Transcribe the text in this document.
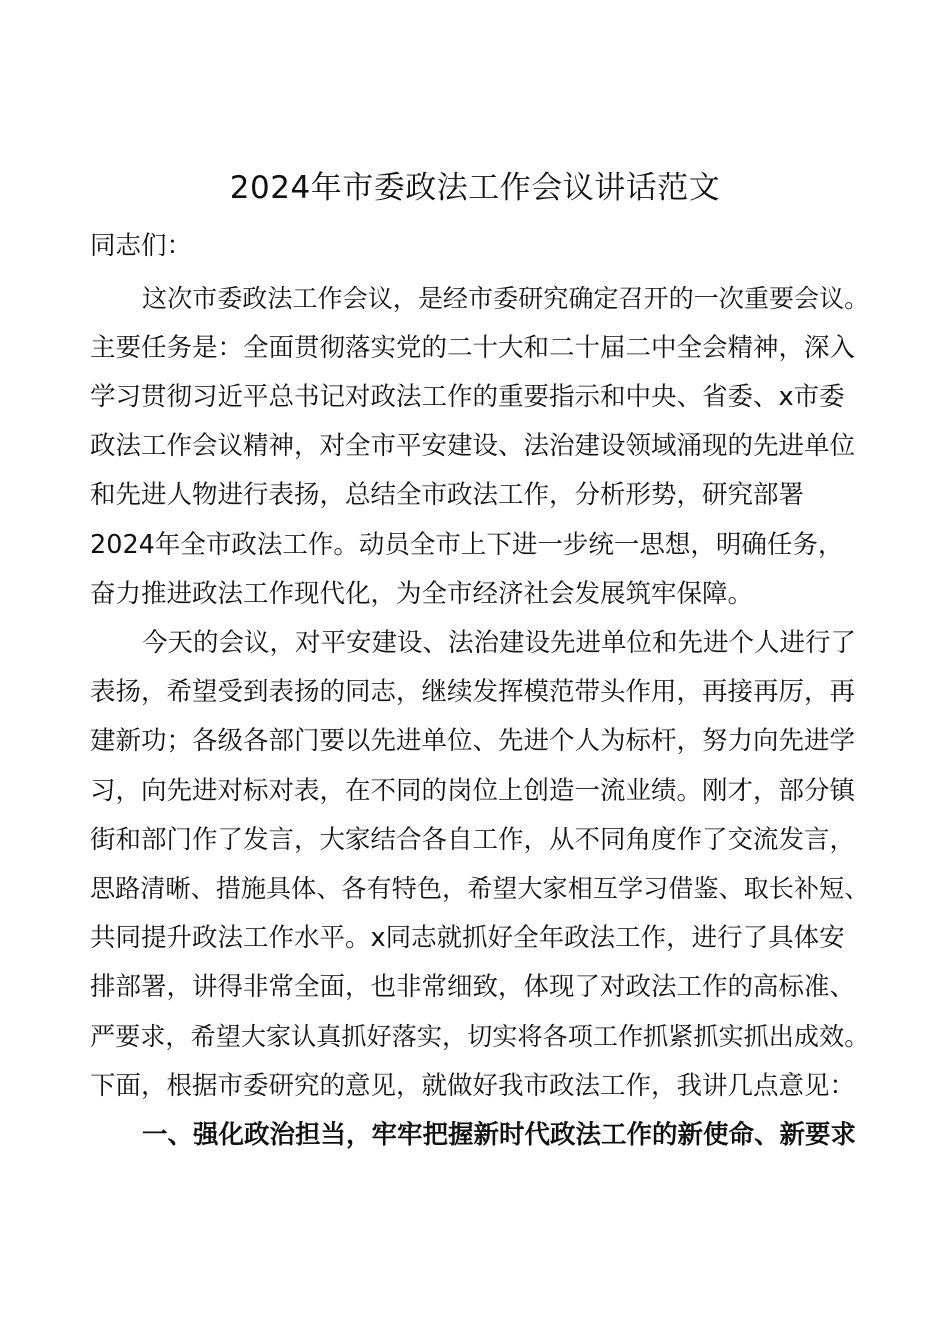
2024年市委政法工作会议讲话范文
同志们：
这次市委政法工作会议，是经市委研究确定召开的一次重要会议。
主要任务是：全面贯彻落实党的二十大和二十届二中全会精神，深入
学习贯彻习近平总书记对政法工作的重要指示和中央、省委、x市委
政法工作会议精神，对全市平安建设、法治建设领域涌现的先进单位
和先进人物进行表扬，总结全市政法工作，分析形势，研究部署
2024年全市政法工作。动员全市上下进一步统一思想，明确任务，
奋力推进政法工作现代化，为全市经济社会发展筑牢保障。
今天的会议，对平安建设、法治建设先进单位和先进个人进行了
表扬，希望受到表扬的同志，继续发挥模范带头作用，再接再厉，再
建新功；各级各部门要以先进单位、先进个人为标杆，努力向先进学
习，向先进对标对表，在不同的岗位上创造一流业绩。刚才，部分镇
街和部门作了发言，大家结合各自工作，从不同角度作了交流发言，
思路清晰、措施具体、各有特色，希望大家相互学习借鉴、取长补短、
共同提升政法工作水平。x同志就抓好全年政法工作，进行了具体安
排部署，讲得非常全面，也非常细致，体现了对政法工作的高标准、
严要求，希望大家认真抓好落实，切实将各项工作抓紧抓实抓出成效。
下面，根据市委研究的意见，就做好我市政法工作，我讲几点意见：
一、强化政治担当，牢牢把握新时代政法工作的新使命、新要求
